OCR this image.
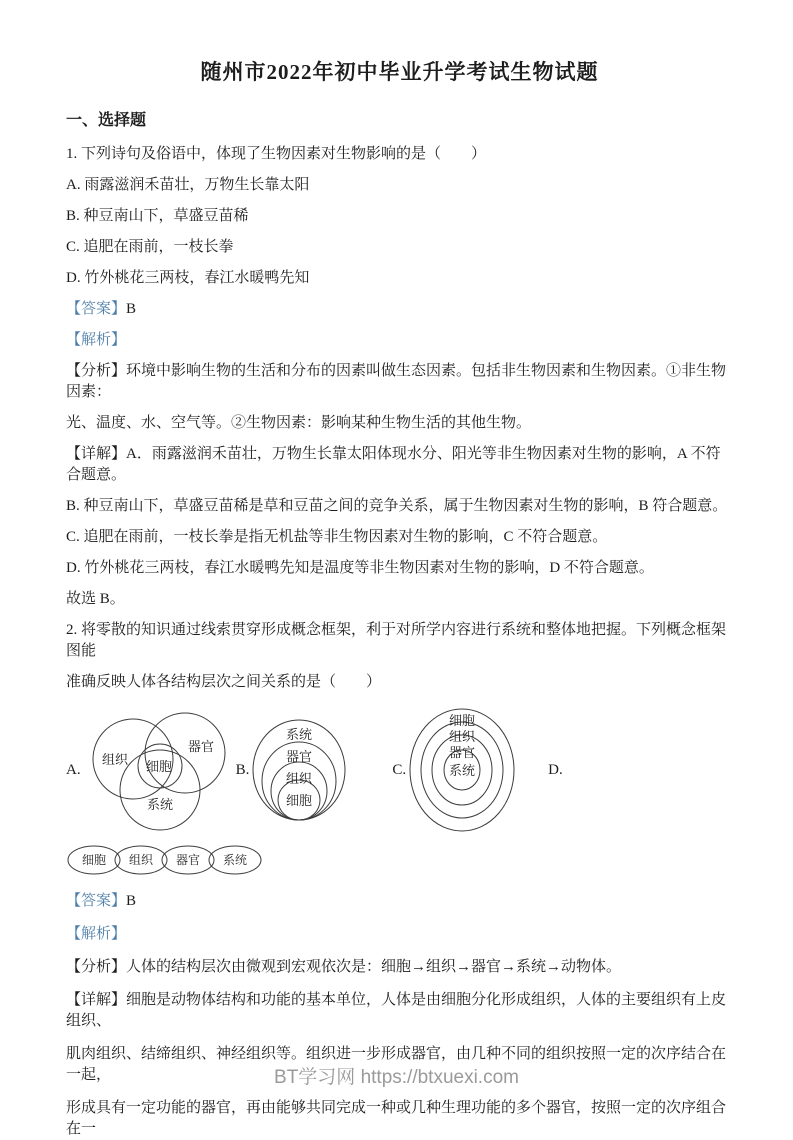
随州市2022年初中毕业升学考试生物试题
一、选择题

1. 下列诗句及俗语中，体现了生物因素对生物影响的是（　　）

A. 雨露滋润禾苗壮，万物生长靠太阳

B. 种豆南山下，草盛豆苗稀

C. 追肥在雨前，一枝长拳

D. 竹外桃花三两枝，春江水暖鸭先知

【答案】B

【解析】

【分析】环境中影响生物的生活和分布的因素叫做生态因素。包括非生物因素和生物因素。①非生物因素：

光、温度、水、空气等。②生物因素：影响某种生物生活的其他生物。

【详解】A．雨露滋润禾苗壮，万物生长靠太阳体现水分、阳光等非生物因素对生物的影响，A 不符合题意。

B. 种豆南山下，草盛豆苗稀是草和豆苗之间的竞争关系，属于生物因素对生物的影响，B 符合题意。

C. 追肥在雨前，一枝长拳是指无机盐等非生物因素对生物的影响，C 不符合题意。

D. 竹外桃花三两枝，春江水暖鸭先知是温度等非生物因素对生物的影响，D 不符合题意。

故选 B。

2. 将零散的知识通过线索贯穿形成概念框架，利于对所学内容进行系统和整体地把握。下列概念框架图能

准确反映人体各结构层次之间关系的是（　　）

A.
组织
器官
系统
细胞	B.
系统
器官
组织
细胞
C.
细胞
组织
器官
系统	D.
细胞 组织 器官 系统

【答案】B

【解析】

【分析】人体的结构层次由微观到宏观依次是：细胞→组织→器官→系统→动物体。

【详解】细胞是动物体结构和功能的基本单位，人体是由细胞分化形成组织，人体的主要组织有上皮组织、

肌肉组织、结缔组织、神经组织等。组织进一步形成器官，由几种不同的组织按照一定的次序结合在一起，

形成具有一定功能的器官，再由能够共同完成一种或几种生理功能的多个器官，按照一定的次序组合在一

BT学习网 https://btxuexi.com
